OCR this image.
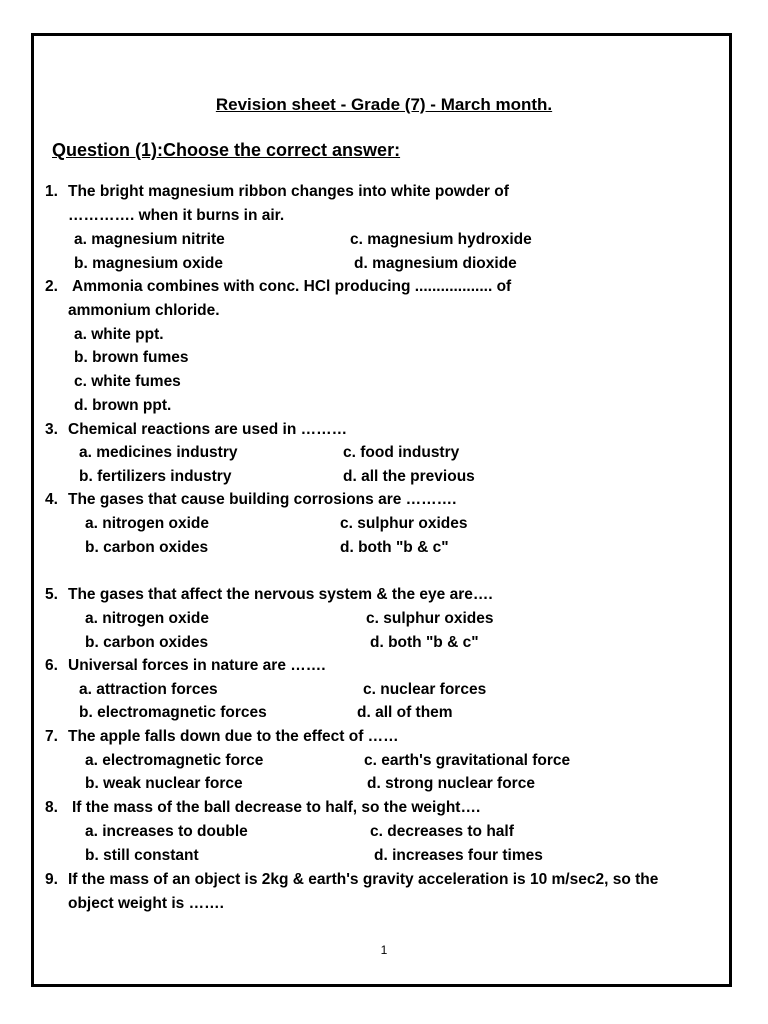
Revision sheet - Grade (7) - March month.
Question (1):Choose the correct answer:
1. The bright magnesium ribbon changes into white powder of
…………. when it burns in air.
a. magnesium nitrite	c. magnesium hydroxide
b. magnesium oxide	d. magnesium dioxide
2. Ammonia combines with conc. HCl producing .................. of
ammonium chloride.
a. white ppt.
b. brown fumes
c. white fumes
d. brown ppt.
3. Chemical reactions are used in ………
a. medicines industry	c. food industry
b. fertilizers industry	d. all the previous
4. The gases that cause building corrosions are ……….
a. nitrogen oxide	c. sulphur oxides
b. carbon oxides	d. both "b & c"
5. The gases that affect the nervous system & the eye are….
a. nitrogen oxide	c. sulphur oxides
b. carbon oxides	d. both "b & c"
6. Universal forces in nature are …….
a. attraction forces	c. nuclear forces
b. electromagnetic forces	d. all of them
7. The apple falls down due to the effect of ……
a. electromagnetic force	c. earth's gravitational force
b. weak nuclear force	d. strong nuclear force
8. If the mass of the ball decrease to half, so the weight….
a. increases to double	c. decreases to half
b. still constant	d. increases four times
9. If the mass of an object is 2kg & earth's gravity acceleration is 10 m/sec2, so the
object weight is …….
1
